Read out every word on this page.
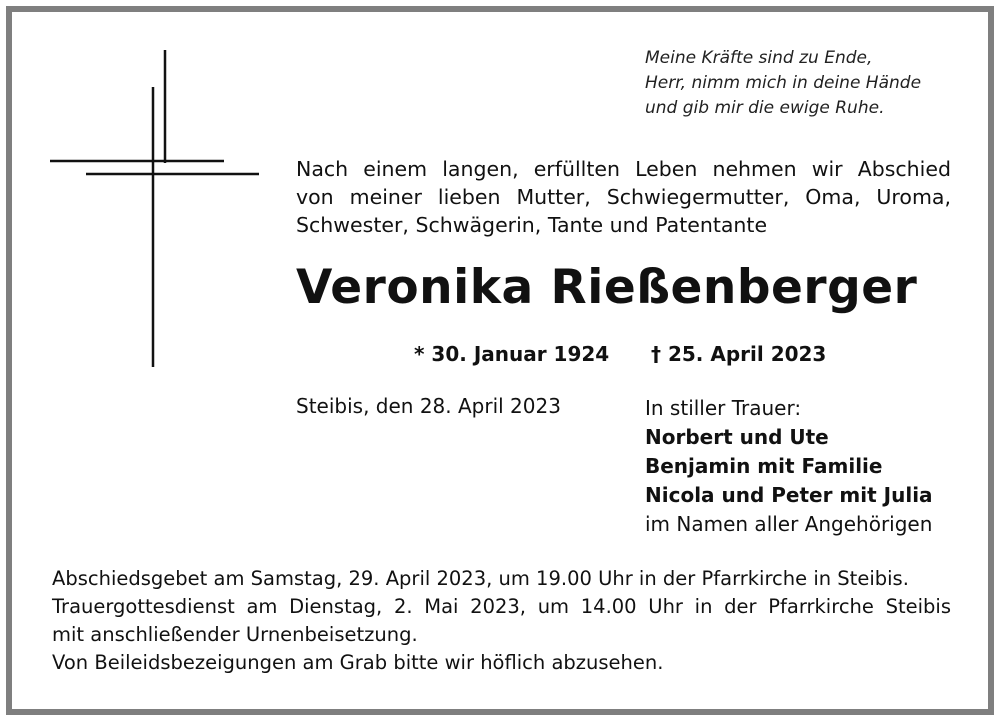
Meine Kräfte sind zu Ende,
Herr, nimm mich in deine Hände
und gib mir die ewige Ruhe.
Nach einem langen, erfüllten Leben nehmen wir Abschied
von meiner lieben Mutter, Schwiegermutter, Oma, Uroma,
Schwester, Schwägerin, Tante und Patentante
Veronika Rießenberger
* 30. Januar 1924 † 25. April 2023
Steibis, den 28. April 2023	In stiller Trauer:
Norbert und Ute
Benjamin mit Familie
Nicola und Peter mit Julia
im Namen aller Angehörigen
Abschiedsgebet am Samstag, 29. April 2023, um 19.00 Uhr in der Pfarrkirche in Steibis.
Trauergottesdienst am Dienstag, 2. Mai 2023, um 14.00 Uhr in der Pfarrkirche Steibis
mit anschließender Urnenbeisetzung.
Von Beileidsbezeigungen am Grab bitte wir höflich abzusehen.
